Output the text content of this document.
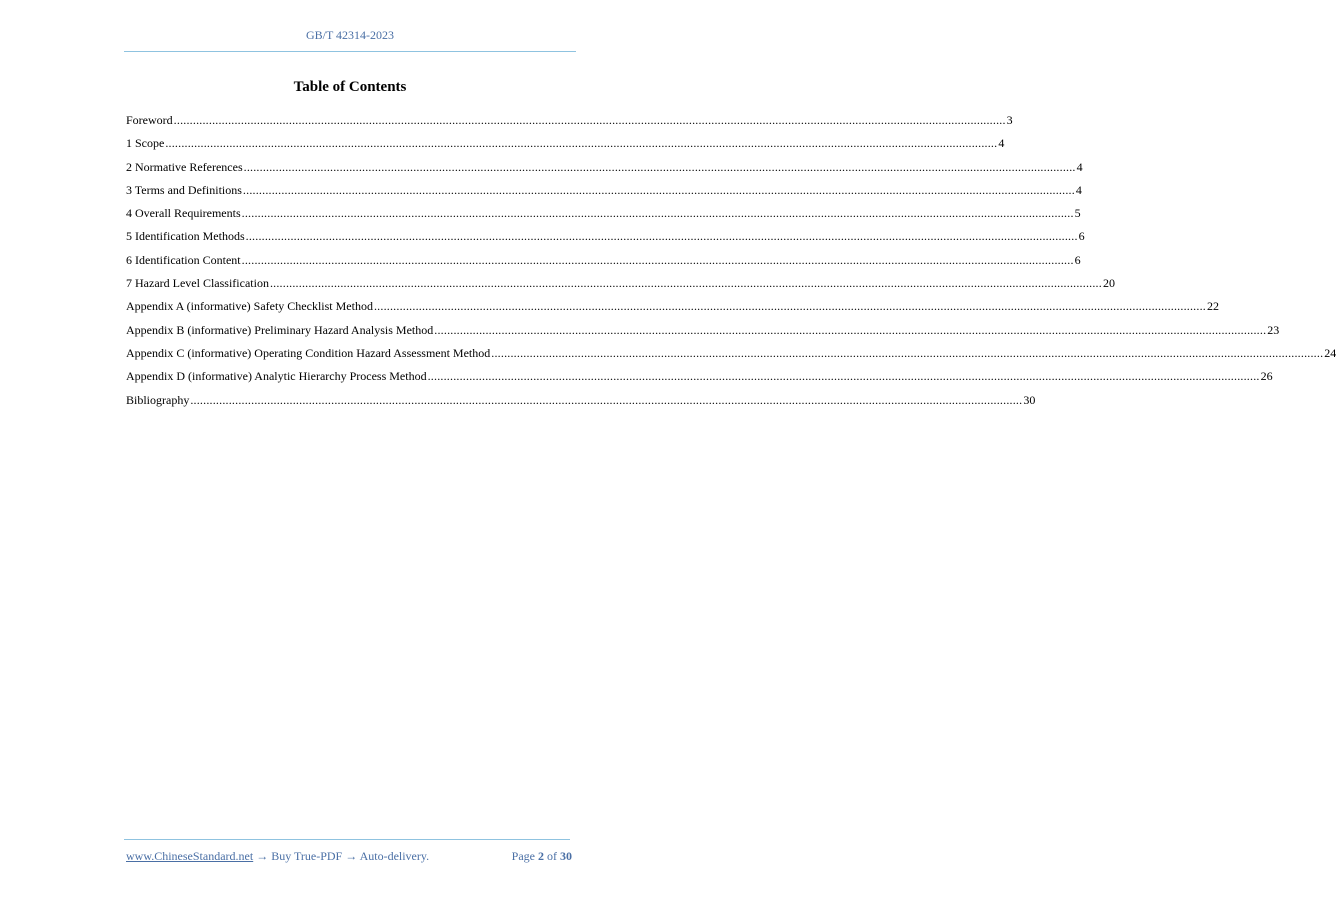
GB/T 42314-2023
Table of Contents
Foreword .................................................................................................................................................................................................................................................................... 3
1 Scope .................................................................................................................................................................................................................................................................... 4
2 Normative References .................................................................................................................................................................................................................................................................... 4
3 Terms and Definitions .................................................................................................................................................................................................................................................................... 4
4 Overall Requirements .................................................................................................................................................................................................................................................................... 5
5 Identification Methods .................................................................................................................................................................................................................................................................... 6
6 Identification Content .................................................................................................................................................................................................................................................................... 6
7 Hazard Level Classification .................................................................................................................................................................................................................................................................... 20
Appendix A (informative) Safety Checklist Method .................................................................................................................................................................................................................................................................... 22
Appendix B (informative) Preliminary Hazard Analysis Method .................................................................................................................................................................................................................................................................... 23
Appendix C (informative) Operating Condition Hazard Assessment Method .................................................................................................................................................................................................................................................................... 24
Appendix D (informative) Analytic Hierarchy Process Method .................................................................................................................................................................................................................................................................... 26
Bibliography .................................................................................................................................................................................................................................................................... 30
www.ChineseStandard.net → Buy True-PDF → Auto-delivery.	Page 2 of 30
